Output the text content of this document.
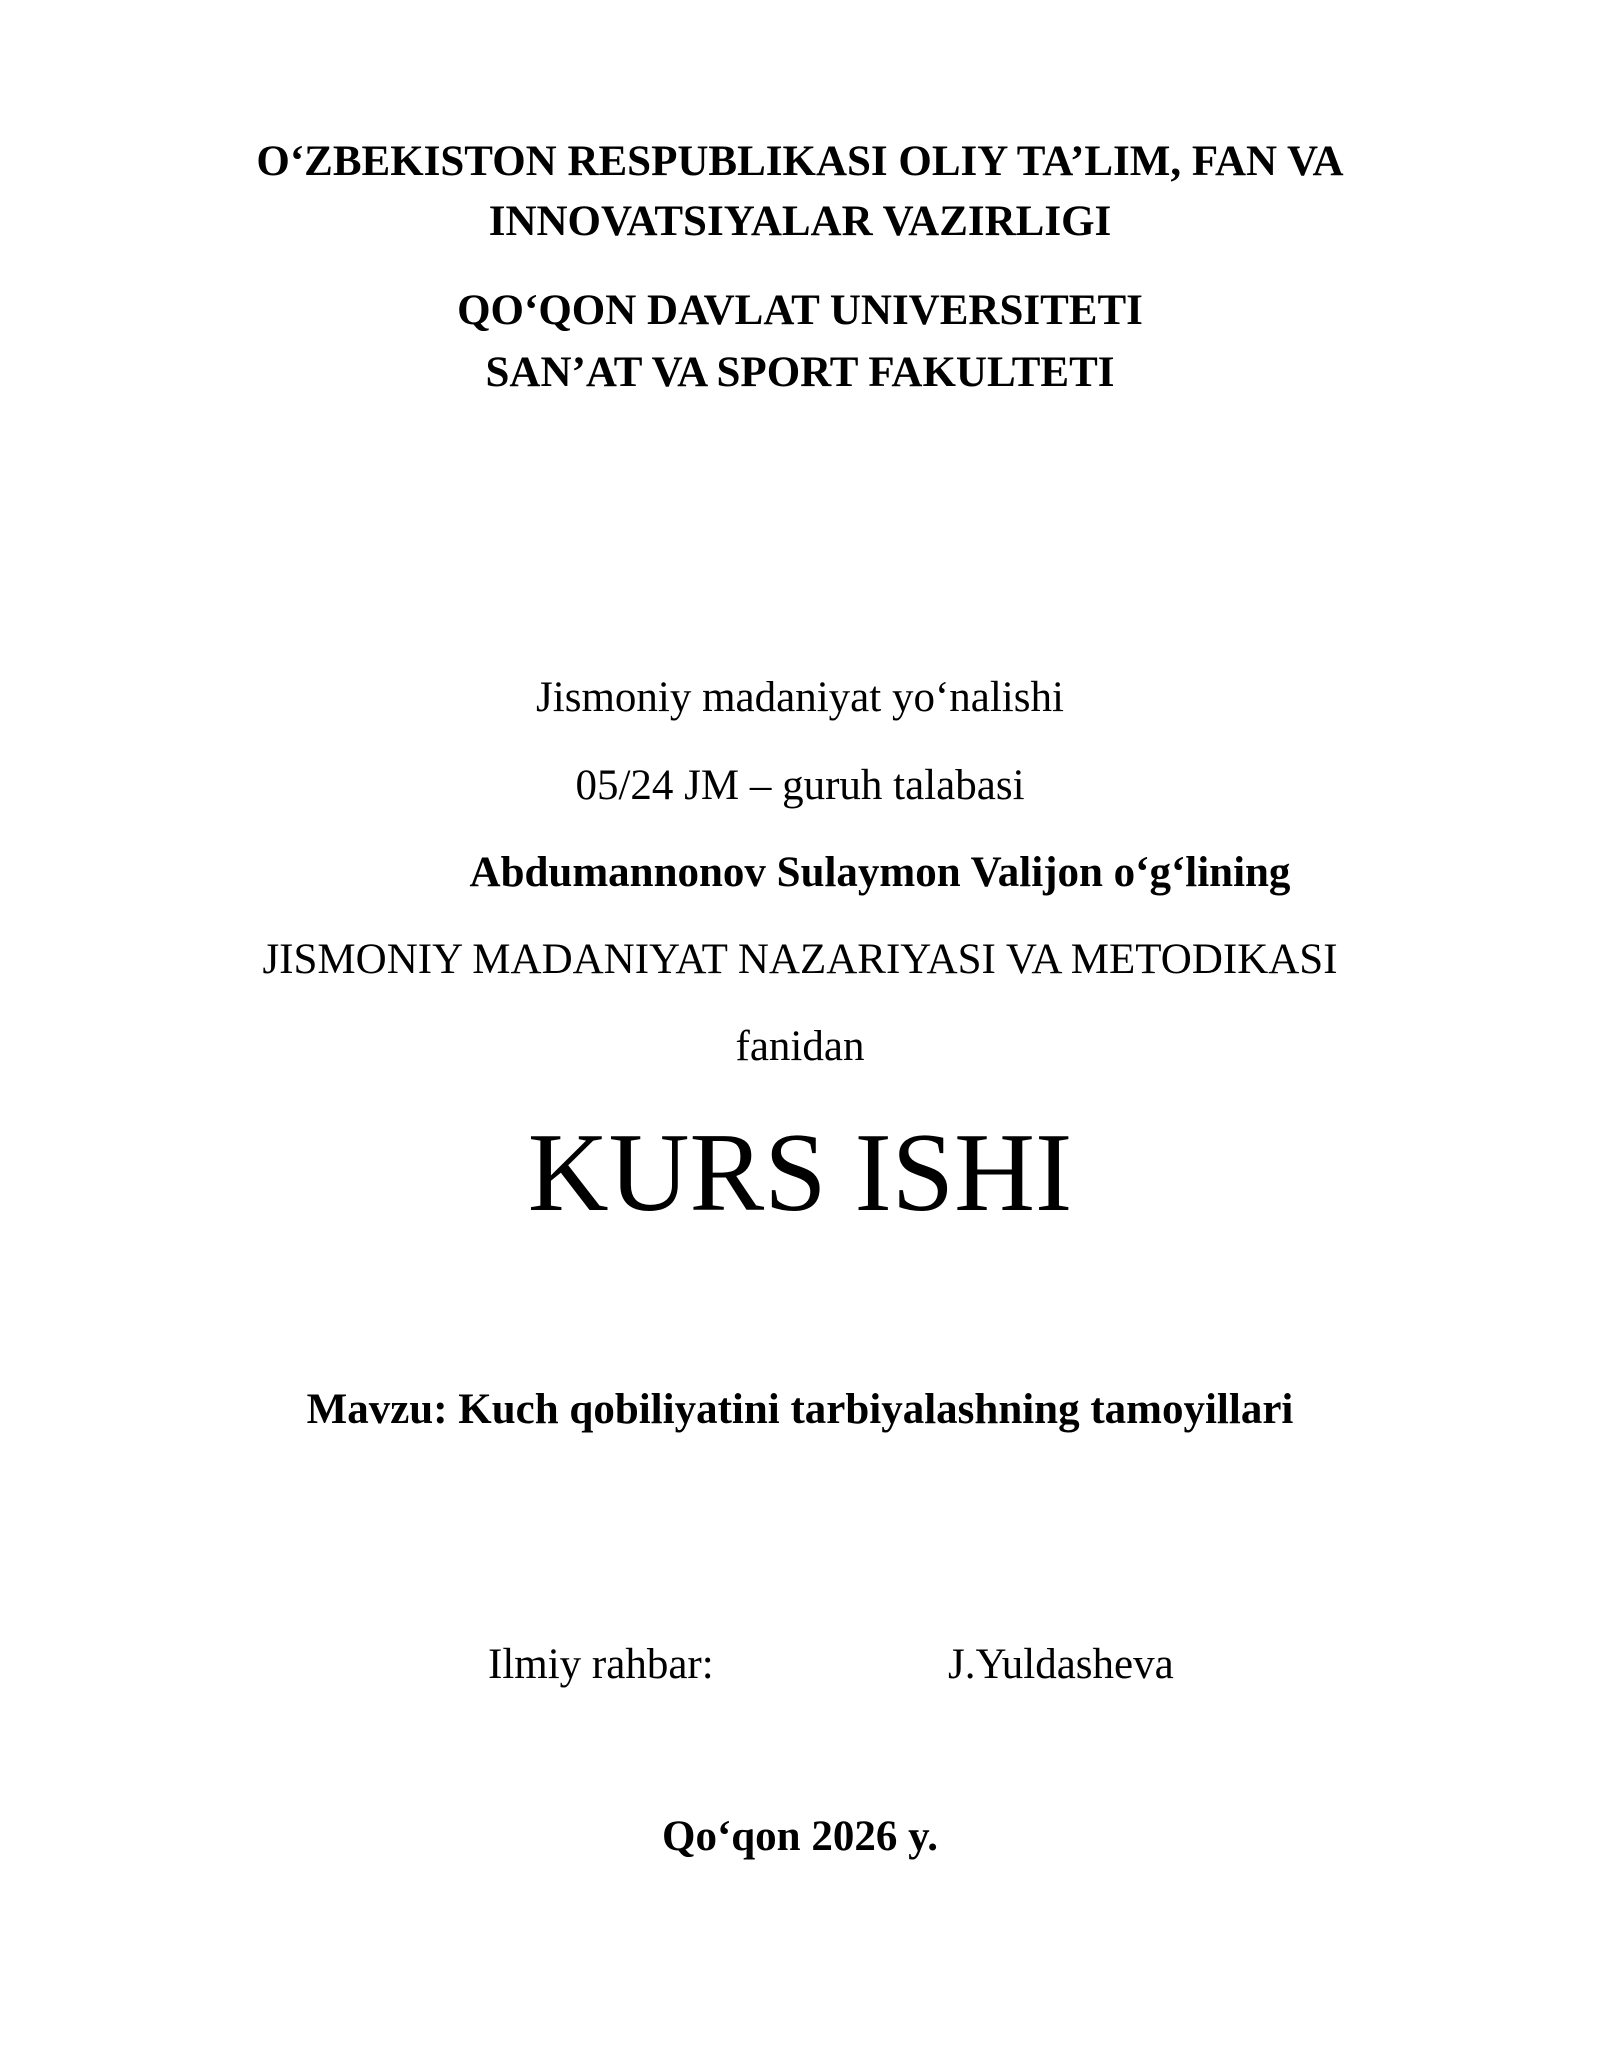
O‘ZBEKISTON RESPUBLIKASI OLIY TA’LIM, FAN VA
INNOVATSIYALAR VAZIRLIGI
QO‘QON DAVLAT UNIVERSITETI
SAN’AT VA SPORT FAKULTETI
Jismoniy madaniyat yo‘nalishi
05/24 JM – guruh talabasi
Abdumannonov Sulaymon Valijon o‘g‘lining
JISMONIY MADANIYAT NAZARIYASI VA METODIKASI
fanidan
KURS ISHI
Mavzu: Kuch qobiliyatini tarbiyalashning tamoyillari
Ilmiy rahbar:	J.Yuldasheva
Qo‘qon 2026 y.
